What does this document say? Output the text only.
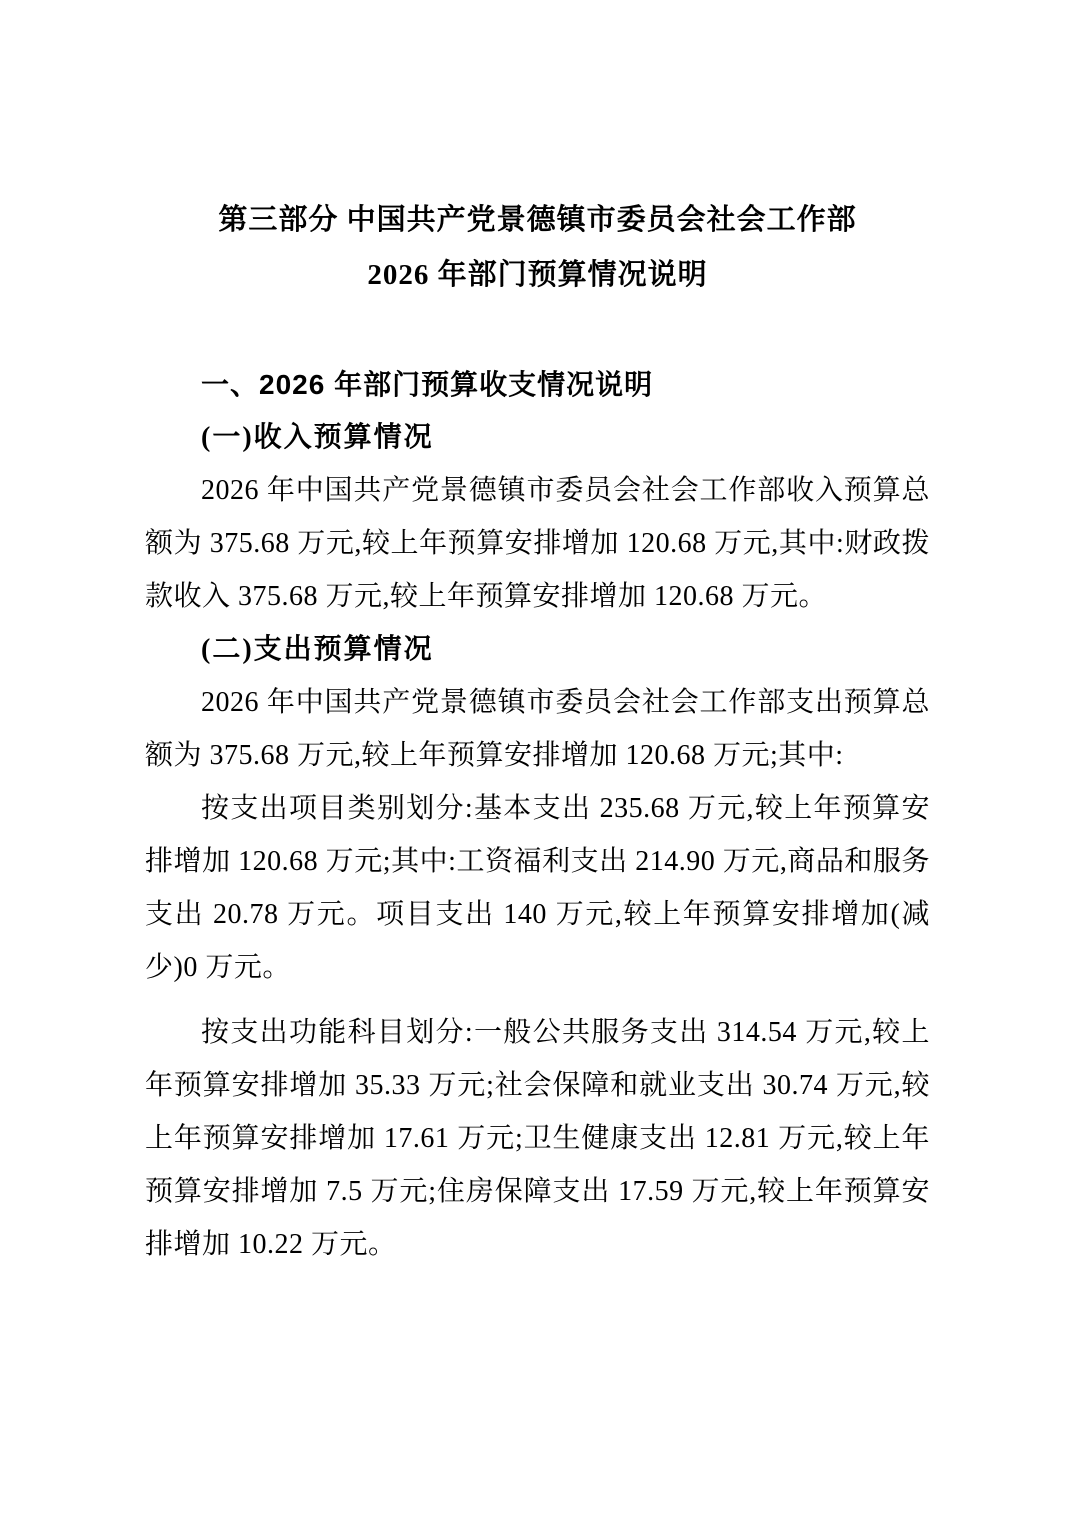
第三部分 中国共产党景德镇市委员会社会工作部
2026 年部门预算情况说明
一、2026 年部门预算收支情况说明
(一)收入预算情况

2026 年中国共产党景德镇市委员会社会工作部收入预算总额为 375.68 万元,较上年预算安排增加 120.68 万元,其中:财政拨款收入 375.68 万元,较上年预算安排增加 120.68 万元。

(二)支出预算情况

2026 年中国共产党景德镇市委员会社会工作部支出预算总额为 375.68 万元,较上年预算安排增加 120.68 万元;其中:

按支出项目类别划分:基本支出 235.68 万元,较上年预算安排增加 120.68 万元;其中:工资福利支出 214.90 万元,商品和服务支出 20.78 万元。项目支出 140 万元,较上年预算安排增加(减少)0 万元。

按支出功能科目划分:一般公共服务支出 314.54 万元,较上年预算安排增加 35.33 万元;社会保障和就业支出 30.74 万元,较上年预算安排增加 17.61 万元;卫生健康支出 12.81 万元,较上年预算安排增加 7.5 万元;住房保障支出 17.59 万元,较上年预算安排增加 10.22 万元。
